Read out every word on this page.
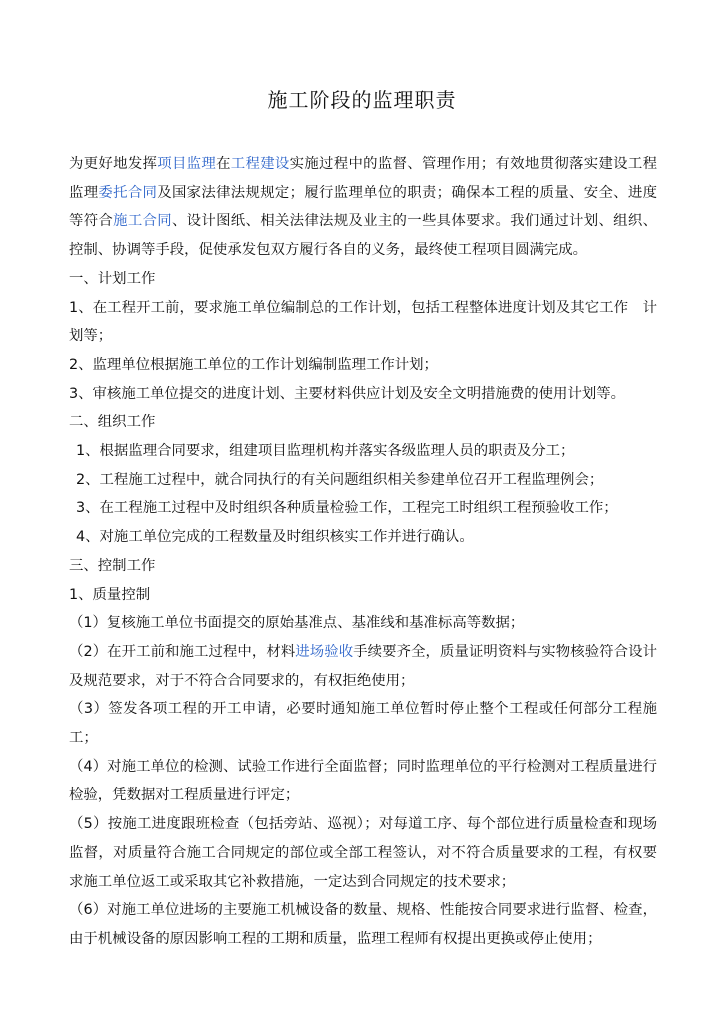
施工阶段的监理职责

为更好地发挥项目监理在工程建设实施过程中的监督、管理作用；有效地贯彻落实建设工程监理委托合同及国家法律法规规定；履行监理单位的职责；确保本工程的质量、安全、进度等符合施工合同、设计图纸、相关法律法规及业主的一些具体要求。我们通过计划、组织、控制、协调等手段，促使承发包双方履行各自的义务，最终使工程项目圆满完成。

一、计划工作

1、在工程开工前，要求施工单位编制总的工作计划，包括工程整体进度计划及其它工作　计划等；

2、监理单位根据施工单位的工作计划编制监理工作计划；

3、审核施工单位提交的进度计划、主要材料供应计划及安全文明措施费的使用计划等。

二、组织工作

1、根据监理合同要求，组建项目监理机构并落实各级监理人员的职责及分工；

2、工程施工过程中，就合同执行的有关问题组织相关参建单位召开工程监理例会；

3、在工程施工过程中及时组织各种质量检验工作，工程完工时组织工程预验收工作；

4、对施工单位完成的工程数量及时组织核实工作并进行确认。

三、控制工作

1、质量控制

（1）复核施工单位书面提交的原始基准点、基准线和基准标高等数据；

（2）在开工前和施工过程中，材料进场验收手续要齐全，质量证明资料与实物核验符合设计及规范要求，对于不符合合同要求的，有权拒绝使用；

（3）签发各项工程的开工申请，必要时通知施工单位暂时停止整个工程或任何部分工程施工；

（4）对施工单位的检测、试验工作进行全面监督；同时监理单位的平行检测对工程质量进行检验，凭数据对工程质量进行评定；

（5）按施工进度跟班检查（包括旁站、巡视）；对每道工序、每个部位进行质量检查和现场监督，对质量符合施工合同规定的部位或全部工程签认，对不符合质量要求的工程，有权要求施工单位返工或采取其它补救措施，一定达到合同规定的技术要求；

（6）对施工单位进场的主要施工机械设备的数量、规格、性能按合同要求进行监督、检查，由于机械设备的原因影响工程的工期和质量，监理工程师有权提出更换或停止使用；
